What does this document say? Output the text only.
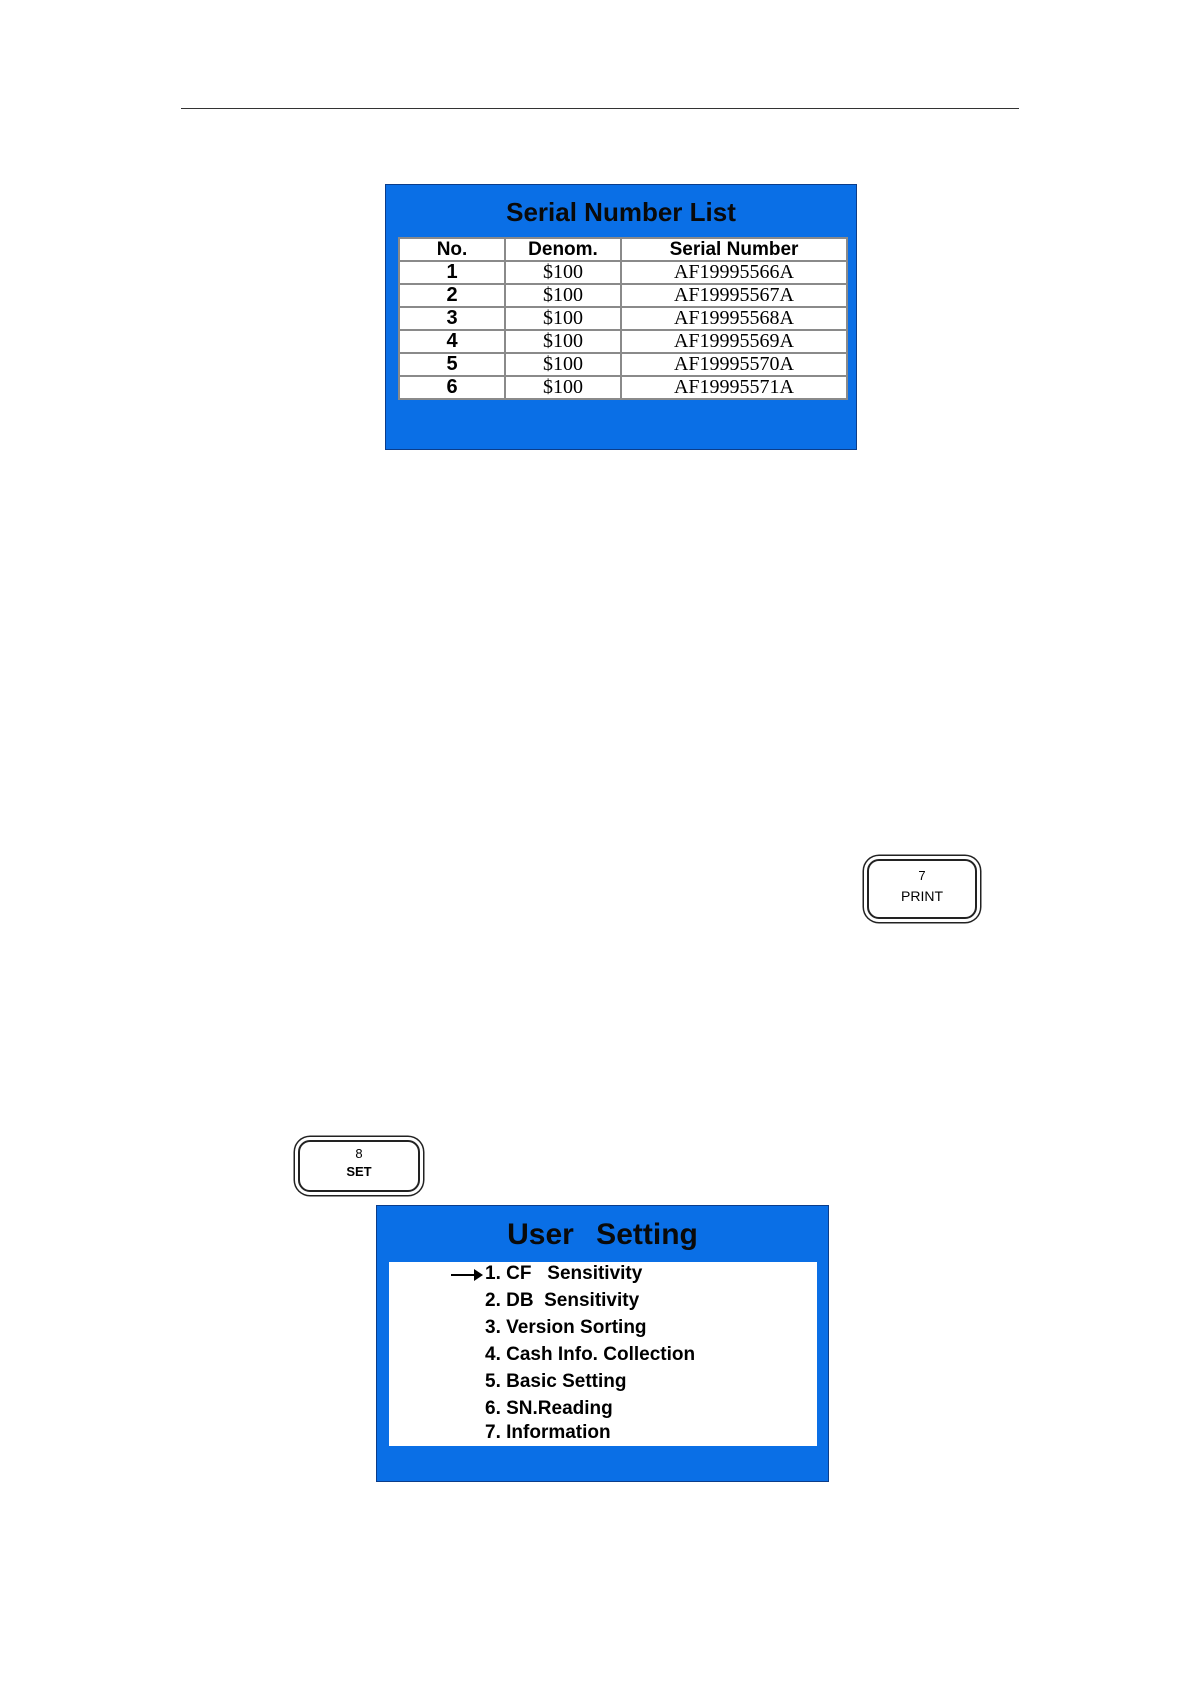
Serial Number List
No.	Denom.	Serial Number
1	$100	AF19995566A
2	$100	AF19995567A
3	$100	AF19995568A
4	$100	AF19995569A
5	$100	AF19995570A
6	$100	AF19995571A
7
PRINT
8
SET
User Setting
1. CF   Sensitivity
2. DB  Sensitivity
3. Version Sorting
4. Cash Info. Collection
5. Basic Setting
6. SN.Reading
7. Information
